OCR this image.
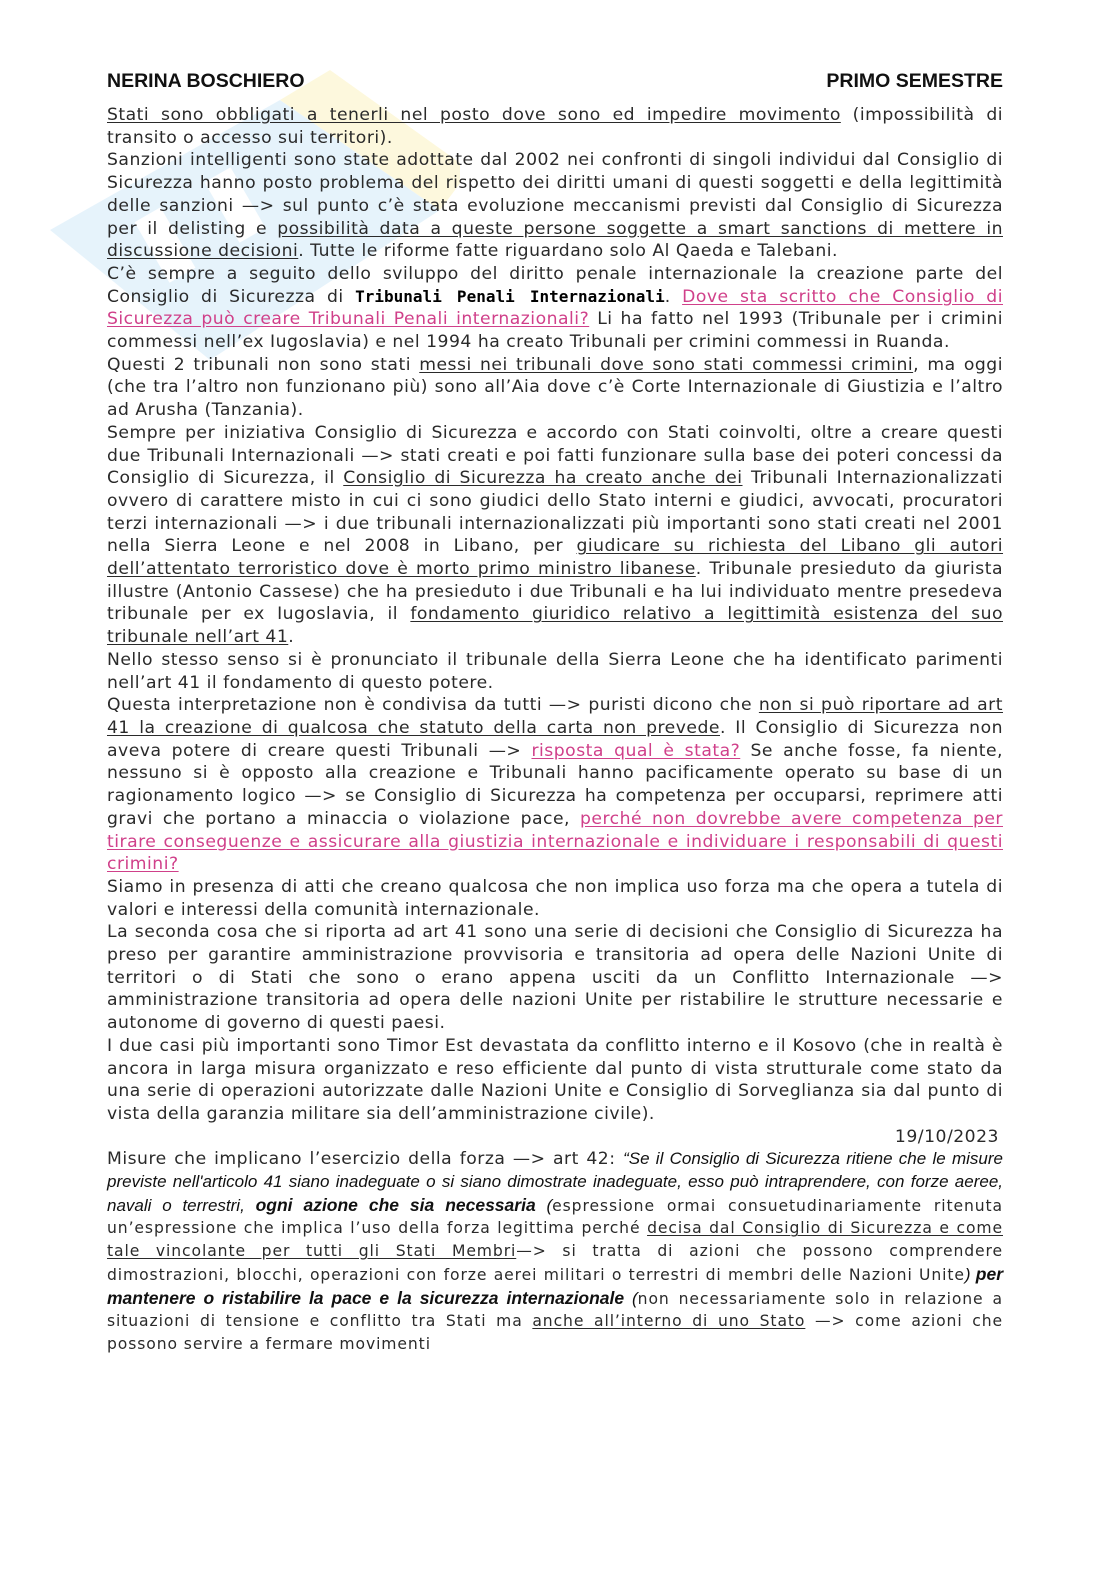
NERINA BOSCHIERO	PRIMO SEMESTRE

Stati sono obbligati a tenerli nel posto dove sono ed impedire movimento (impossibilità di transito o accesso sui territori).

Sanzioni intelligenti sono state adottate dal 2002 nei confronti di singoli individui dal Consiglio di Sicurezza hanno posto problema del rispetto dei diritti umani di questi soggetti e della legittimità delle sanzioni —> sul punto c’è stata evoluzione meccanismi previsti dal Consiglio di Sicurezza per il delisting e possibilità data a queste persone soggette a smart sanctions di mettere in discussione decisioni. Tutte le riforme fatte riguardano solo Al Qaeda e Talebani.

C’è sempre a seguito dello sviluppo del diritto penale internazionale la creazione parte del Consiglio di Sicurezza di Tribunali Penali Internazionali. Dove sta scritto che Consiglio di Sicurezza può creare Tribunali Penali internazionali? Li ha fatto nel 1993 (Tribunale per i crimini commessi nell’ex Iugoslavia) e nel 1994 ha creato Tribunali per crimini commessi in Ruanda.

Questi 2 tribunali non sono stati messi nei tribunali dove sono stati commessi crimini, ma oggi (che tra l’altro non funzionano più) sono all’Aia dove c’è Corte Internazionale di Giustizia e l’altro ad Arusha (Tanzania).

Sempre per iniziativa Consiglio di Sicurezza e accordo con Stati coinvolti, oltre a creare questi due Tribunali Internazionali —> stati creati e poi fatti funzionare sulla base dei poteri concessi da Consiglio di Sicurezza, il Consiglio di Sicurezza ha creato anche dei Tribunali Internazionalizzati ovvero di carattere misto in cui ci sono giudici dello Stato interni e giudici, avvocati, procuratori terzi internazionali —> i due tribunali internazionalizzati più importanti sono stati creati nel 2001 nella Sierra Leone e nel 2008 in Libano, per giudicare su richiesta del Libano gli autori dell’attentato terroristico dove è morto primo ministro libanese. Tribunale presieduto da giurista illustre (Antonio Cassese) che ha presieduto i due Tribunali e ha lui individuato mentre presedeva tribunale per ex Iugoslavia, il fondamento giuridico relativo a legittimità esistenza del suo tribunale nell’art 41.

Nello stesso senso si è pronunciato il tribunale della Sierra Leone che ha identificato parimenti nell’art 41 il fondamento di questo potere.

Questa interpretazione non è condivisa da tutti —> puristi dicono che non si può riportare ad art 41 la creazione di qualcosa che statuto della carta non prevede. Il Consiglio di Sicurezza non aveva potere di creare questi Tribunali —> risposta qual è stata? Se anche fosse, fa niente, nessuno si è opposto alla creazione e Tribunali hanno pacificamente operato su base di un ragionamento logico —> se Consiglio di Sicurezza ha competenza per occuparsi, reprimere atti gravi che portano a minaccia o violazione pace, perché non dovrebbe avere competenza per tirare conseguenze e assicurare alla giustizia internazionale e individuare i responsabili di questi crimini?

Siamo in presenza di atti che creano qualcosa che non implica uso forza ma che opera a tutela di valori e interessi della comunità internazionale.

La seconda cosa che si riporta ad art 41 sono una serie di decisioni che Consiglio di Sicurezza ha preso per garantire amministrazione provvisoria e transitoria ad opera delle Nazioni Unite di territori o di Stati che sono o erano appena usciti da un Conflitto Internazionale —> amministrazione transitoria ad opera delle nazioni Unite per ristabilire le strutture necessarie e autonome di governo di questi paesi.

I due casi più importanti sono Timor Est devastata da conflitto interno e il Kosovo (che in realtà è ancora in larga misura organizzato e reso efficiente dal punto di vista strutturale come stato da una serie di operazioni autorizzate dalle Nazioni Unite e Consiglio di Sorveglianza sia dal punto di vista della garanzia militare sia dell’amministrazione civile).

19/10/2023

Misure che implicano l’esercizio della forza —> art 42: “Se il Consiglio di Sicurezza ritiene che le misure previste nell'articolo 41 siano inadeguate o si siano dimostrate inadeguate, esso può intraprendere, con forze aeree, navali o terrestri, ogni azione che sia necessaria (espressione ormai consuetudinariamente ritenuta un’espressione che implica l’uso della forza legittima perché decisa dal Consiglio di Sicurezza e come tale vincolante per tutti gli Stati Membri—> si tratta di azioni che possono comprendere dimostrazioni, blocchi, operazioni con forze aerei militari o terrestri di membri delle Nazioni Unite) per mantenere o ristabilire la pace e la sicurezza internazionale (non necessariamente solo in relazione a situazioni di tensione e conflitto tra Stati ma anche all’interno di uno Stato —> come azioni che possono servire a fermare movimenti
